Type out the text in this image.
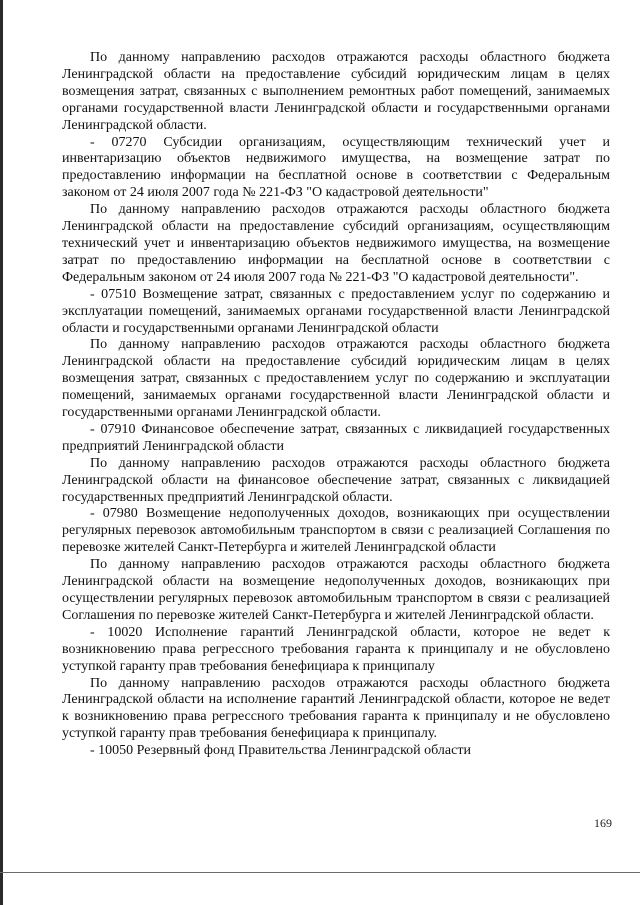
По данному направлению расходов отражаются расходы областного бюджета Ленинградской области на предоставление субсидий юридическим лицам в целях возмещения затрат, связанных с выполнением ремонтных работ помещений, занимаемых органами государственной власти Ленинградской области и государственными органами Ленинградской области.

- 07270 Субсидии организациям, осуществляющим технический учет и инвентаризацию объектов недвижимого имущества, на возмещение затрат по предоставлению информации на бесплатной основе в соответствии с Федеральным законом от 24 июля 2007 года № 221-ФЗ "О кадастровой деятельности"

По данному направлению расходов отражаются расходы областного бюджета Ленинградской области на предоставление субсидий организациям, осуществляющим технический учет и инвентаризацию объектов недвижимого имущества, на возмещение затрат по предоставлению информации на бесплатной основе в соответствии с Федеральным законом от 24 июля 2007 года № 221-ФЗ "О кадастровой деятельности".

- 07510 Возмещение затрат, связанных с предоставлением услуг по содержанию и эксплуатации помещений, занимаемых органами государственной власти Ленинградской области и государственными органами Ленинградской области

По данному направлению расходов отражаются расходы областного бюджета Ленинградской области на предоставление субсидий юридическим лицам в целях возмещения затрат, связанных с предоставлением услуг по содержанию и эксплуатации помещений, занимаемых органами государственной власти Ленинградской области и государственными органами Ленинградской области.

- 07910 Финансовое обеспечение затрат, связанных с ликвидацией государственных предприятий Ленинградской области

По данному направлению расходов отражаются расходы областного бюджета Ленинградской области на финансовое обеспечение затрат, связанных с ликвидацией государственных предприятий Ленинградской области.

- 07980 Возмещение недополученных доходов, возникающих при осуществлении регулярных перевозок автомобильным транспортом в связи с реализацией Соглашения по перевозке жителей Санкт-Петербурга и жителей Ленинградской области

По данному направлению расходов отражаются расходы областного бюджета Ленинградской области на возмещение недополученных доходов, возникающих при осуществлении регулярных перевозок автомобильным транспортом в связи с реализацией Соглашения по перевозке жителей Санкт-Петербурга и жителей Ленинградской области.

- 10020 Исполнение гарантий Ленинградской области, которое не ведет к возникновению права регрессного требования гаранта к принципалу и не обусловлено уступкой гаранту прав требования бенефициара к принципалу

По данному направлению расходов отражаются расходы областного бюджета Ленинградской области на исполнение гарантий Ленинградской области, которое не ведет к возникновению права регрессного требования гаранта к принципалу и не обусловлено уступкой гаранту прав требования бенефициара к принципалу.

- 10050 Резервный фонд Правительства Ленинградской области

169
